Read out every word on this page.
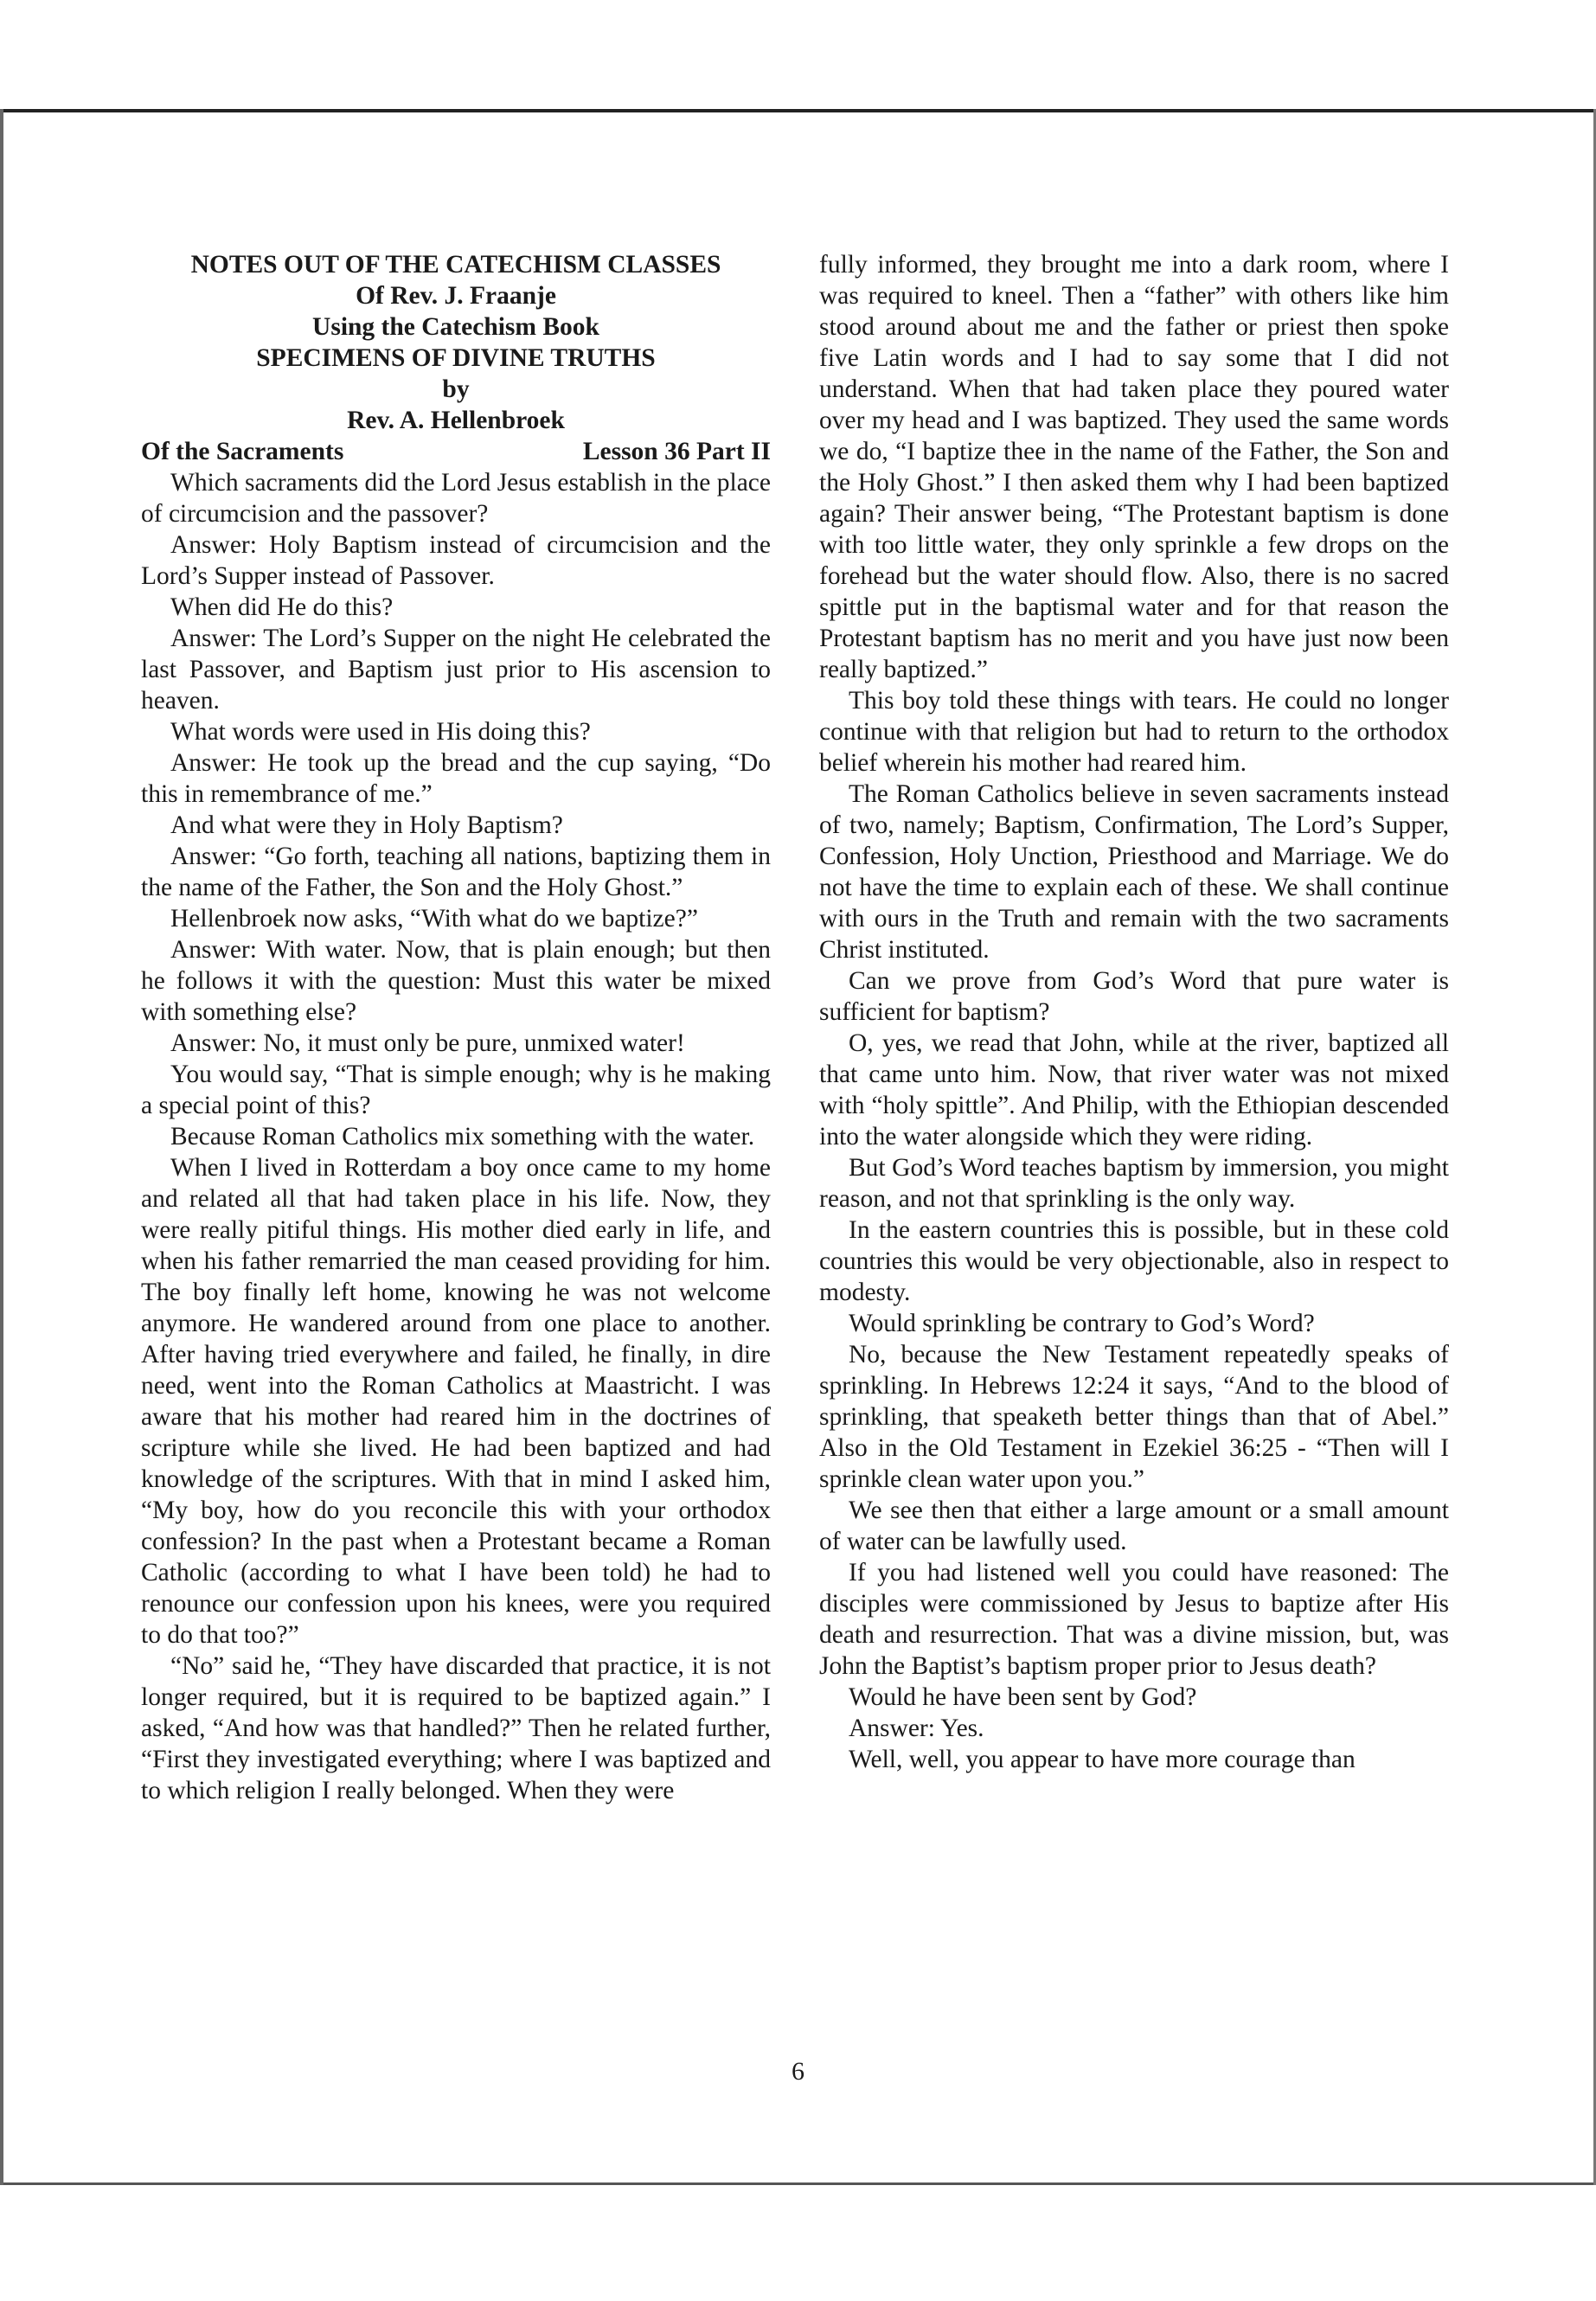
NOTES OUT OF THE CATECHISM CLASSES
Of Rev. J. Fraanje
Using the Catechism Book
SPECIMENS OF DIVINE TRUTHS
by
Rev. A. Hellenbroek
Of the Sacraments	Lesson 36 Part II

Which sacraments did the Lord Jesus establish in the place of circumcision and the passover?

Answer: Holy Baptism instead of circumcision and the Lord’s Supper instead of Passover.

When did He do this?

Answer: The Lord’s Supper on the night He celebrated the last Passover, and Baptism just prior to His ascension to heaven.

What words were used in His doing this?

Answer: He took up the bread and the cup saying, “Do this in remembrance of me.”

And what were they in Holy Baptism?

Answer: “Go forth, teaching all nations, baptizing them in the name of the Father, the Son and the Holy Ghost.”

Hellenbroek now asks, “With what do we baptize?”

Answer: With water. Now, that is plain enough; but then he follows it with the question: Must this water be mixed with something else?

Answer: No, it must only be pure, unmixed water!

You would say, “That is simple enough; why is he making a special point of this?

Because Roman Catholics mix something with the water.

When I lived in Rotterdam a boy once came to my home and related all that had taken place in his life. Now, they were really pitiful things. His mother died early in life, and when his father remarried the man ceased providing for him. The boy finally left home, knowing he was not welcome anymore. He wandered around from one place to another. After having tried everywhere and failed, he finally, in dire need, went into the Roman Catholics at Maastricht. I was aware that his mother had reared him in the doctrines of scripture while she lived. He had been baptized and had knowledge of the scriptures. With that in mind I asked him, “My boy, how do you reconcile this with your orthodox confession? In the past when a Protestant became a Roman Catholic (according to what I have been told) he had to renounce our confession upon his knees, were you required to do that too?”

“No” said he, “They have discarded that practice, it is not longer required, but it is required to be baptized again.” I asked, “And how was that handled?” Then he related further, “First they investigated everything; where I was baptized and to which religion I really belonged. When they were

fully informed, they brought me into a dark room, where I was required to kneel. Then a “father” with others like him stood around about me and the father or priest then spoke five Latin words and I had to say some that I did not understand. When that had taken place they poured water over my head and I was baptized. They used the same words we do, “I baptize thee in the name of the Father, the Son and the Holy Ghost.” I then asked them why I had been baptized again? Their answer being, “The Protestant baptism is done with too little water, they only sprinkle a few drops on the forehead but the water should flow. Also, there is no sacred spittle put in the baptismal water and for that reason the Protestant baptism has no merit and you have just now been really baptized.”

This boy told these things with tears. He could no longer continue with that religion but had to return to the orthodox belief wherein his mother had reared him.

The Roman Catholics believe in seven sacraments instead of two, namely; Baptism, Confirmation, The Lord’s Supper, Confession, Holy Unction, Priesthood and Marriage. We do not have the time to explain each of these. We shall continue with ours in the Truth and remain with the two sacraments Christ instituted.

Can we prove from God’s Word that pure water is sufficient for baptism?

O, yes, we read that John, while at the river, baptized all that came unto him. Now, that river water was not mixed with “holy spittle”. And Philip, with the Ethiopian descended into the water alongside which they were riding.

But God’s Word teaches baptism by immersion, you might reason, and not that sprinkling is the only way.

In the eastern countries this is possible, but in these cold countries this would be very objectionable, also in respect to modesty.

Would sprinkling be contrary to God’s Word?

No, because the New Testament repeatedly speaks of sprinkling. In Hebrews 12:24 it says, “And to the blood of sprinkling, that speaketh better things than that of Abel.” Also in the Old Testament in Ezekiel 36:25 - “Then will I sprinkle clean water upon you.”

We see then that either a large amount or a small amount of water can be lawfully used.

If you had listened well you could have reasoned: The disciples were commissioned by Jesus to baptize after His death and resurrection. That was a divine mission, but, was John the Baptist’s baptism proper prior to Jesus death?

Would he have been sent by God?

Answer: Yes.

Well, well, you appear to have more courage than

6
